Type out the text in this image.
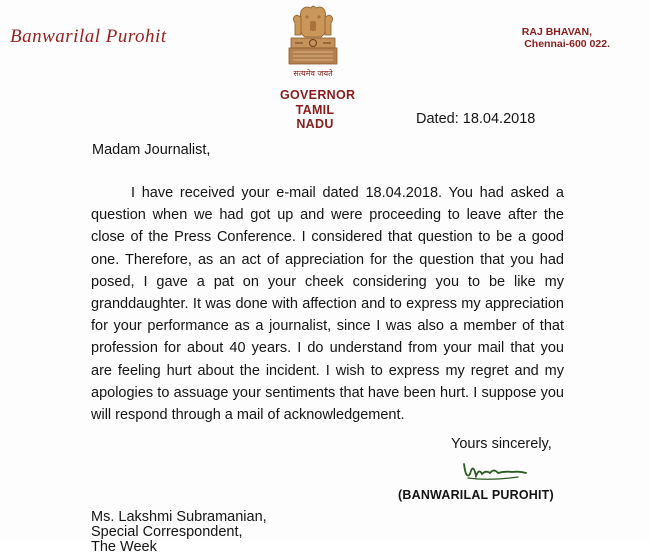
Banwarilal Purohit
सत्यमेव जयते
GOVERNOR
TAMIL NADU
RAJ BHAVAN,
Chennai-600 022.
Dated: 18.04.2018
Madam Journalist,

I have received your e-mail dated 18.04.2018. You had asked a question when we had got up and were proceeding to leave after the close of the Press Conference. I considered that question to be a good one. Therefore, as an act of appreciation for the question that you had posed, I gave a pat on your cheek considering you to be like my granddaughter. It was done with affection and to express my appreciation for your performance as a journalist, since I was also a member of that profession for about 40 years. I do understand from your mail that you are feeling hurt about the incident. I wish to express my regret and my apologies to assuage your sentiments that have been hurt. I suppose you will respond through a mail of acknowledgement.

Yours sincerely,
(BANWARILAL PUROHIT)
Ms. Lakshmi Subramanian,
Special Correspondent,
The Week
